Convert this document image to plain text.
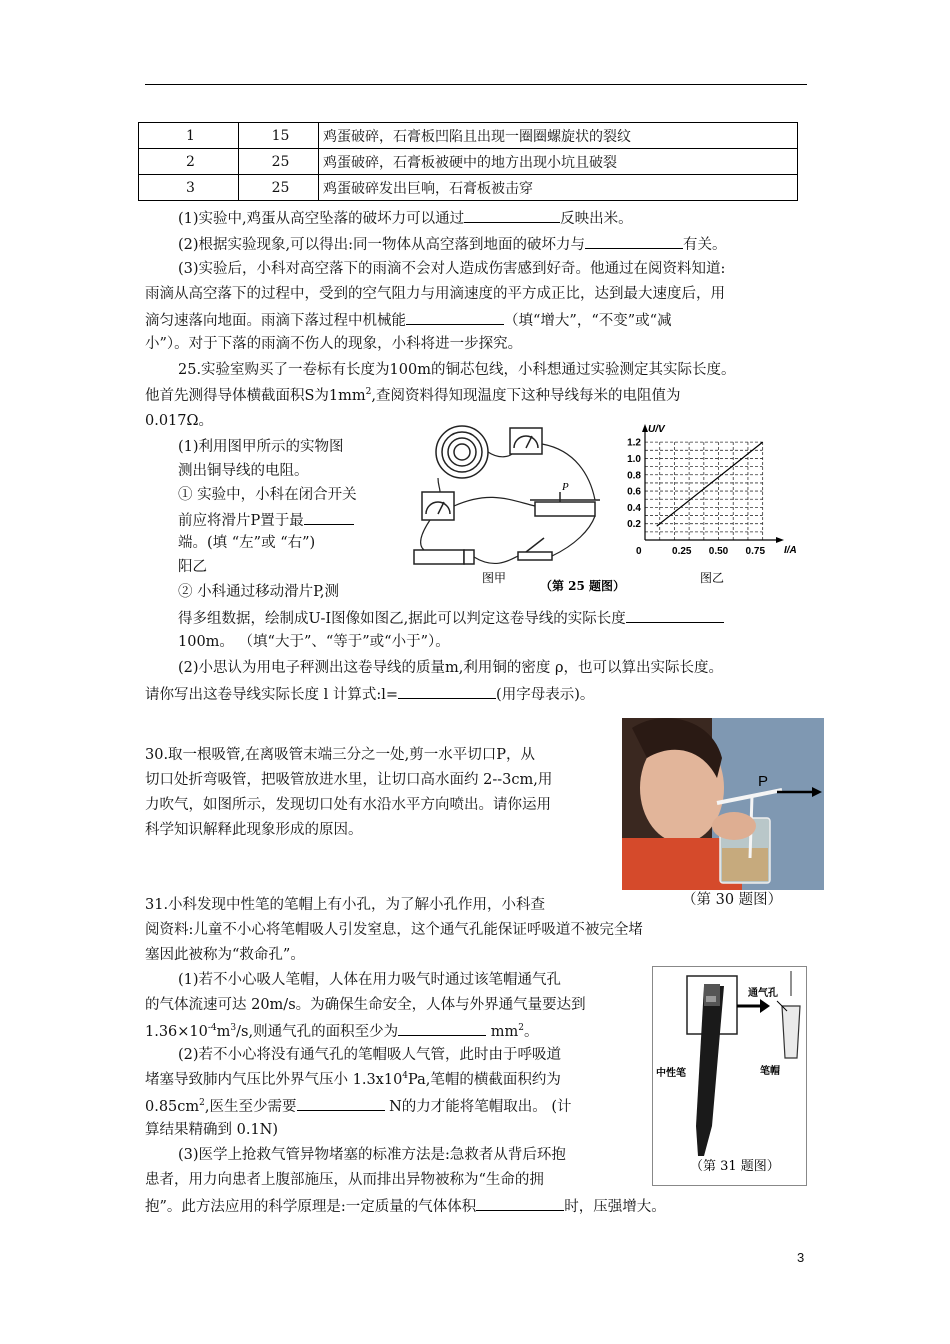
1	15	鸡蛋破碎，石膏板凹陷且出现一圈圈螺旋状的裂纹
2	25	鸡蛋破碎，石膏板被硬中的地方出现小坑且破裂
3	25	鸡蛋破碎发出巨响，石膏板被击穿
(1)实验中,鸡蛋从高空坠落的破坏力可以通过	反映出米。
(2)根据实验现象,可以得出:同一物体从高空落到地面的破坏力与	有关。
(3)实验后，小科对高空落下的雨滴不会对人造成伤害感到好奇。他通过在阅资料知道:
雨滴从高空落下的过程中，受到的空气阻力与用滴速度的平方成正比，达到最大速度后，用
滴匀速落向地面。雨滴下落过程中机械能	（填“增大”，“不变”或“减
小”）。对于下落的雨滴不伤人的现象，小科将进一步探究。
25.实验室购买了一卷标有长度为100m的铜芯包线，小科想通过实验测定其实际长度。
他首先测得导体横截面积S为$1mm^2$,查阅资料得知现温度下这种导线每米的电阻值为
0.017Ω。
(1)利用图甲所示的实物图
测出铜导线的电阻。
① 实验中，小科在闭合开关
前应将滑片P置于最
端。(填 “左”或 “右”)
阳乙
② 小科通过移动滑片P,测
得多组数据，绘制成U-I图像如图乙,据此可以判定这卷导线的实际长度
100m。 （填“大于”、“等于”或“小于”）。
(2)小思认为用电子秤测出这卷导线的质量m,利用铜的密度 ρ，也可以算出实际长度。
请你写出这卷导线实际长度 l 计算式:l=	(用字母表示)。
P
图甲
（第 25 题图）
图乙
U/V
I/A
0
0.2
0.4
0.6
0.8
1.0
1.2
0.25 0.50 0.75
30.取一根吸管,在离吸管末端三分之一处,剪一水平切口P，从
切口处折弯吸管，把吸管放进水里，让切口高水面约 2--3cm,用
力吹气，如图所示，发现切口处有水沿水平方向喷出。请你运用
科学知识解释此现象形成的原因。
P
（第 30 题图）
31.小科发现中性笔的笔帽上有小孔，为了解小孔作用，小科查
阅资料:儿童不小心将笔帽吸人引发窒息，这个通气孔能保证呼吸道不被完全堵
塞因此被称为“救命孔”。
(1)若不小心吸人笔帽，人体在用力吸气时通过该笔帽通气孔
的气体流速可达 20m/s。为确保生命安全，人体与外界通气量要达到
$1.36\times 10^{-4}m^3/s$,则通气孔的面积至少为	$mm^2$。
(2)若不小心将没有通气孔的笔帽吸人气管，此时由于呼吸道
堵塞导致肺内气压比外界气压小 $1.3x10^4Pa$,笔帽的横截面积约为
$0.85cm^2$,医生至少需要	N的力才能将笔帽取出。 (计
算结果精确到 0.1N)
(3)医学上抢救气管异物堵塞的标准方法是:急救者从背后环抱
患者，用力向患者上腹部施压，从而排出异物被称为“生命的拥
抱”。此方法应用的科学原理是:一定质量的气体体积	时，压强增大。
通气孔
笔帽
中性笔
（第 31 题图）
3
